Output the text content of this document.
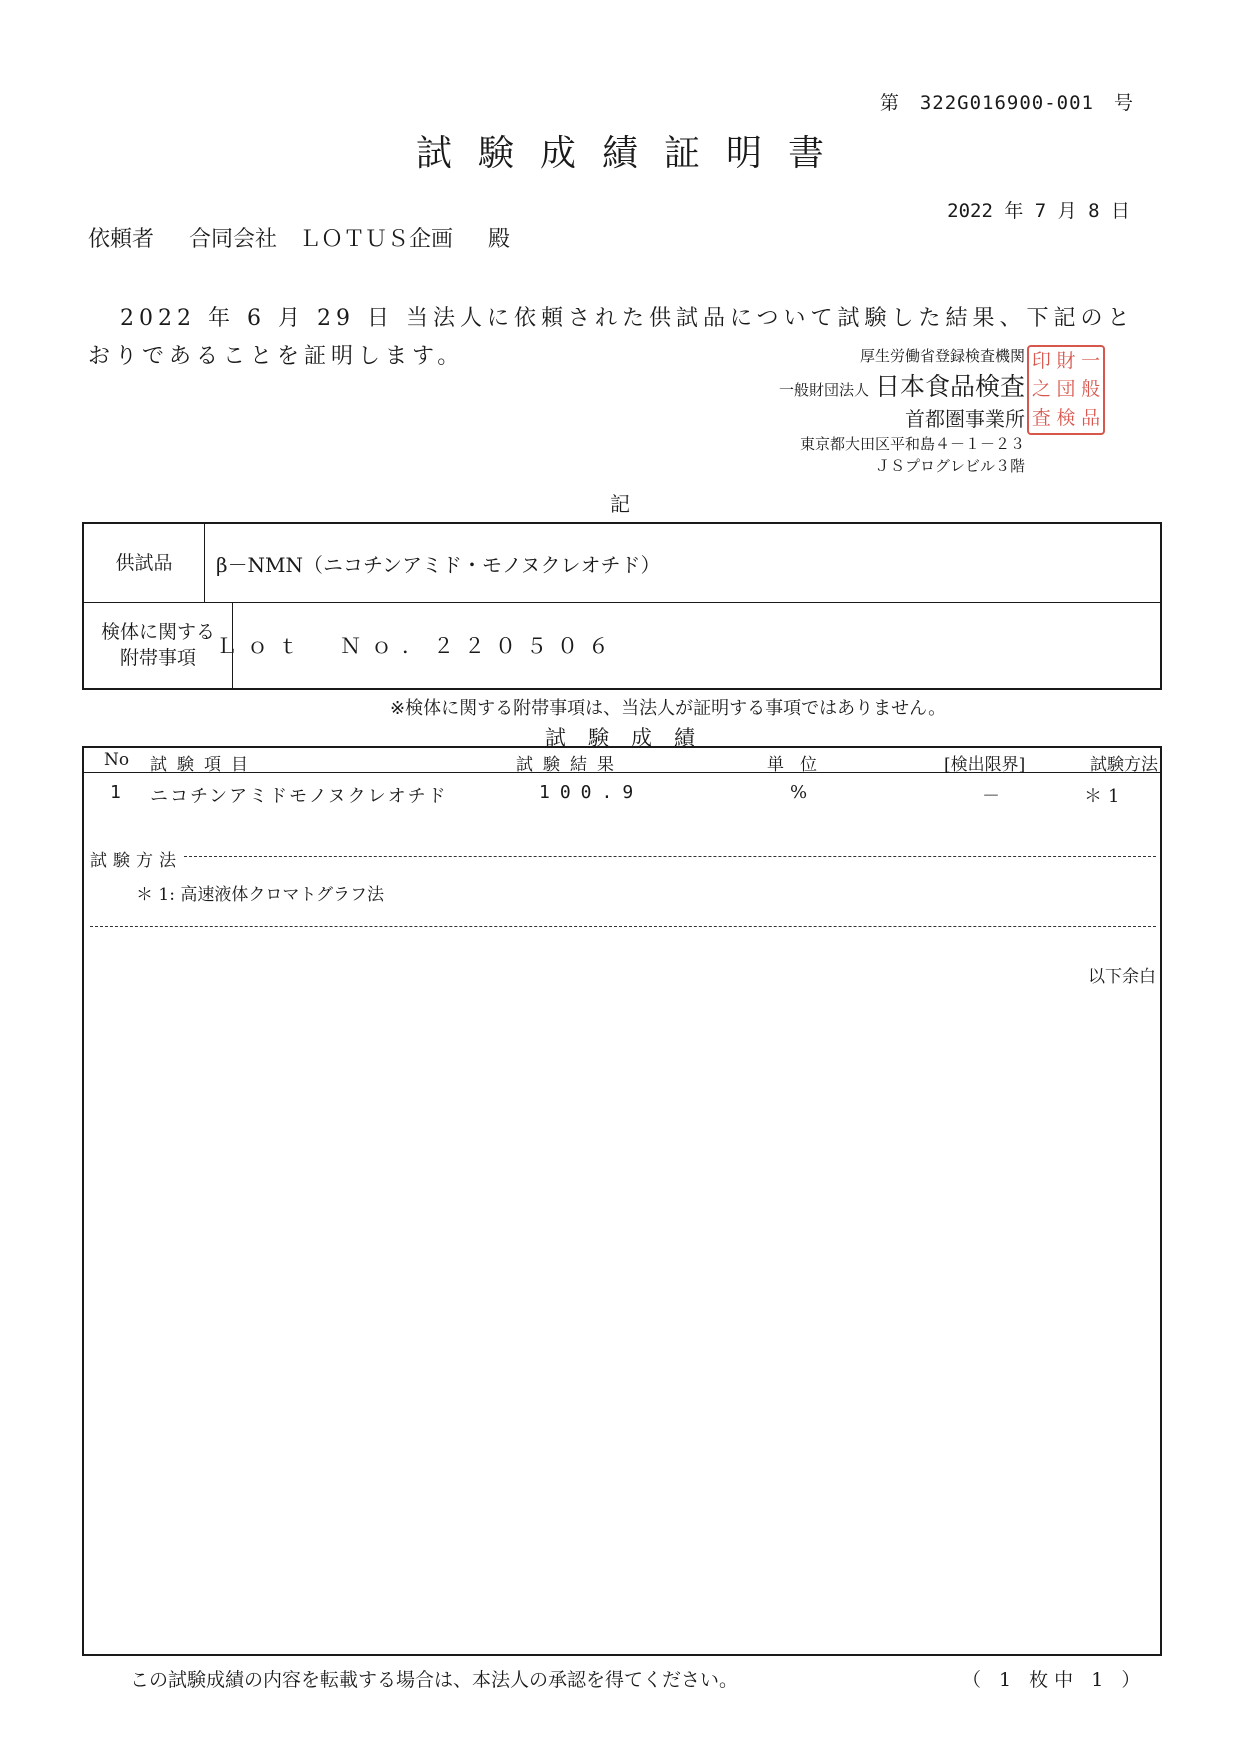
第　322G016900-001　号
試験成績証明書
2022 年 7 月 8 日
依頼者 合同会社　ＬＯＴＵＳ企画 殿
2022 年 6 月 29 日 当法人に依頼された供試品について試験した結果、下記のとおりであることを証明します。	厚生労働省登録検査機関
一般財団法人 日本食品検査
首都圏事業所
東京都大田区平和島４－１－２３
ＪＳプログレビル３階
印 財 一
之 団 般
査 検 品
記
供試品	β－NMN（ニコチンアミド・モノヌクレオチド）
検体に関する附帯事項 Ｌｏｔ　Ｎｏ．２２０５０６
※検体に関する附帯事項は、当法人が証明する事項ではありません。
試験成績
No 試験項目	試験結果	単位	[検出限界]	試験方法
1 ニコチンアミドモノヌクレオチド	100.9	%	－	＊1
試験方法
＊ 1: 高速液体クロマトグラフ法
以下余白
この試験成績の内容を転載する場合は、本法人の承認を得てください。	（ 1 枚中 1 ）
